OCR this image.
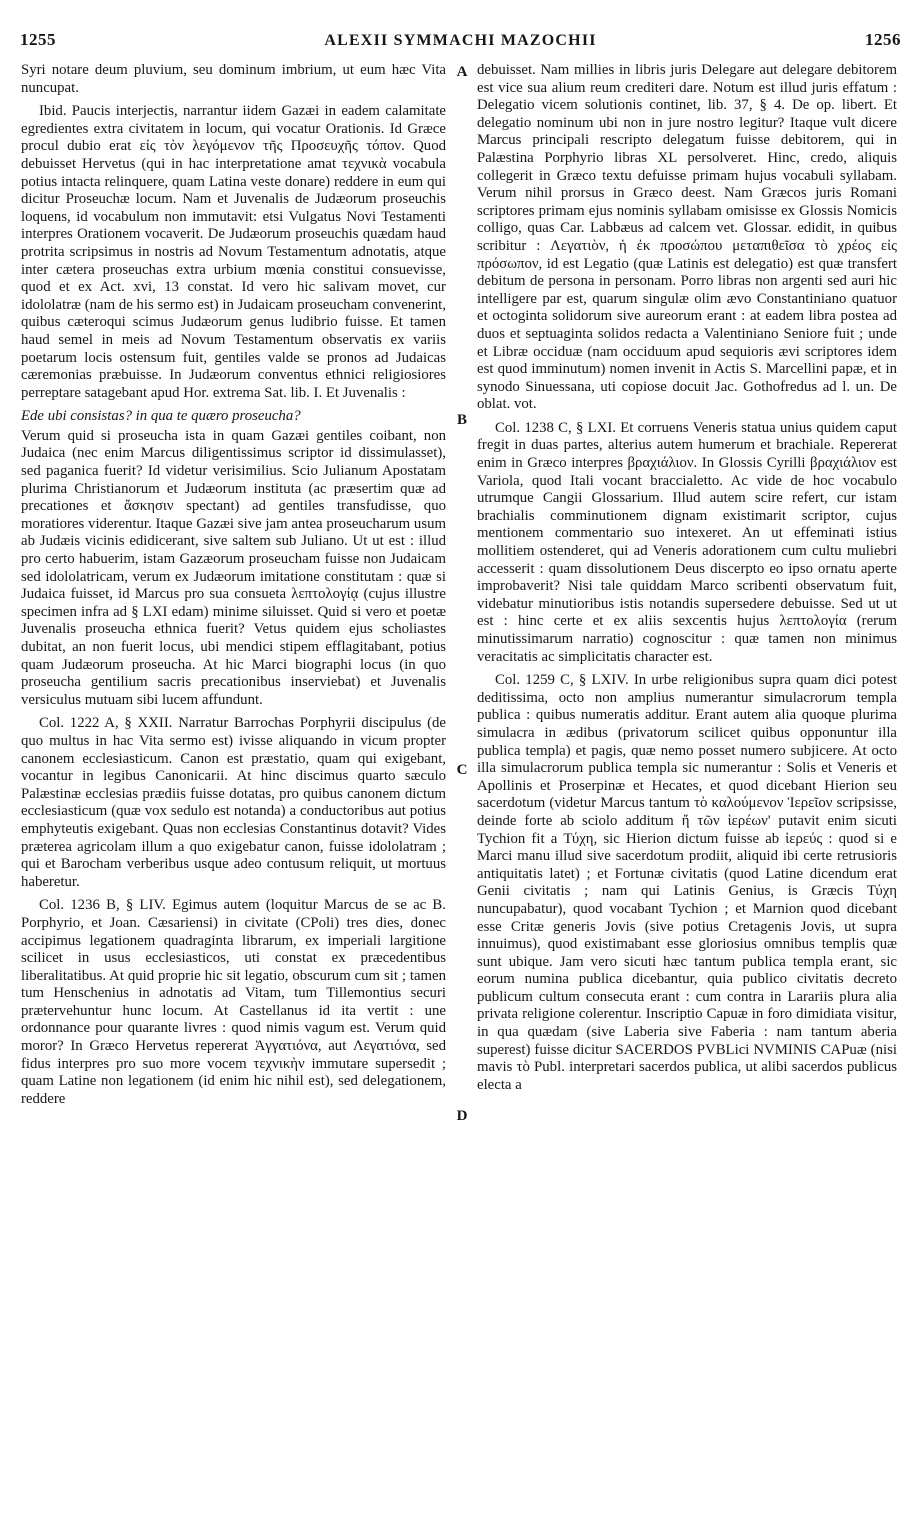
1255	ALEXII SYMMACHI MAZOCHII	1256

Syri notare deum pluvium, seu dominum imbrium, ut eum hæc Vita nuncupat.

Ibid. Paucis interjectis, narrantur iidem Gazæi in eadem calamitate egredientes extra civitatem in locum, qui vocatur Orationis. Id Græce procul dubio erat εἰς τὸν λεγόμενον τῆς Προσευχῆς τόπον. Quod debuisset Hervetus (qui in hac interpretatione amat τεχνικὰ vocabula potius intacta relinquere, quam Latina veste donare) reddere in eum qui dicitur Proseuchæ locum. Nam et Juvenalis de Judæorum proseuchis loquens, id vocabulum non immutavit: etsi Vulgatus Novi Testamenti interpres Orationem vocaverit. De Judæorum proseuchis quædam haud protrita scripsimus in nostris ad Novum Testamentum adnotatis, atque inter cætera proseuchas extra urbium mœnia constitui consuevisse, quod et ex Act. xvi, 13 constat. Id vero hic salivam movet, cur idololatræ (nam de his sermo est) in Judaicam proseucham convenerint, quibus cæteroqui scimus Judæorum genus ludibrio fuisse. Et tamen haud semel in meis ad Novum Testamentum observatis ex variis poetarum locis ostensum fuit, gentiles valde se pronos ad Judaicas cæremonias præbuisse. In Judæorum conventus ethnici religiosiores perreptare satagebant apud Hor. extrema Sat. lib. I. Et Juvenalis :

Ede ubi consistas? in qua te quæro proseucha?

Verum quid si proseucha ista in quam Gazæi gentiles coibant, non Judaica (nec enim Marcus diligentissimus scriptor id dissimulasset), sed paganica fuerit? Id videtur verisimilius. Scio Julianum Apostatam plurima Christianorum et Judæorum instituta (ac præsertim quæ ad precationes et ἄσκησιν spectant) ad gentiles transfudisse, quo moratiores viderentur. Itaque Gazæi sive jam antea proseucharum usum ab Judæis vicinis edidicerant, sive saltem sub Juliano. Ut ut est : illud pro certo habuerim, istam Gazæorum proseucham fuisse non Judaicam sed idololatricam, verum ex Judæorum imitatione constitutam : quæ si Judaica fuisset, id Marcus pro sua consueta λεπτολογίᾳ (cujus illustre specimen infra ad § LXI edam) minime siluisset. Quid si vero et poetæ Juvenalis proseucha ethnica fuerit? Vetus quidem ejus scholiastes dubitat, an non fuerit locus, ubi mendici stipem efflagitabant, potius quam Judæorum proseucha. At hic Marci biographi locus (in quo proseucha gentilium sacris precationibus inserviebat) et Juvenalis versiculus mutuam sibi lucem affundunt.

Col. 1222 A, § XXII. Narratur Barrochas Porphyrii discipulus (de quo multus in hac Vita sermo est) ivisse aliquando in vicum propter canonem ecclesiasticum. Canon est præstatio, quam qui exigebant, vocantur in legibus Canonicarii. At hinc discimus quarto sæculo Palæstinæ ecclesias prædiis fuisse dotatas, pro quibus canonem dictum ecclesiasticum (quæ vox sedulo est notanda) a conductoribus aut potius emphyteutis exigebant. Quas non ecclesias Constantinus dotavit? Vides præterea agricolam illum a quo exigebatur canon, fuisse idololatram ; qui et Barocham verberibus usque adeo contusum reliquit, ut mortuus haberetur.

Col. 1236 B, § LIV. Egimus autem (loquitur Marcus de se ac B. Porphyrio, et Joan. Cæsariensi) in civitate (CPoli) tres dies, donec accipimus legationem quadraginta librarum, ex imperiali largitione scilicet in usus ecclesiasticos, uti constat ex præcedentibus liberalitatibus. At quid proprie hic sit legatio, obscurum cum sit ; tamen tum Henschenius in adnotatis ad Vitam, tum Tillemontius securi prætervehuntur hunc locum. At Castellanus id ita vertit : une ordonnance pour quarante livres : quod nimis vagum est. Verum quid moror? In Græco Hervetus repererat Ἀγγατιόνα, aut Λεγατιόνα, sed fidus interpres pro suo more vocem τεχνικὴν immutare supersedit ; quam Latine non legationem (id enim hic nihil est), sed delegationem, reddere

A
B
C
D

debuisset. Nam millies in libris juris Delegare aut delegare debitorem est vice sua alium reum crediteri dare. Notum est illud juris effatum : Delegatio vicem solutionis continet, lib. 37, § 4. De op. libert. Et delegatio nominum ubi non in jure nostro legitur? Itaque vult dicere Marcus principali rescripto delegatum fuisse debitorem, qui in Palæstina Porphyrio libras XL persolveret. Hinc, credo, aliquis collegerit in Græco textu defuisse primam hujus vocabuli syllabam. Verum nihil prorsus in Græco deest. Nam Græcos juris Romani scriptores primam ejus nominis syllabam omisisse ex Glossis Nomicis colligo, quas Car. Labbæus ad calcem vet. Glossar. edidit, in quibus scribitur : Λεγατιὸν, ἡ ἐκ προσώπου μεταπιθεῖσα τὸ χρέος εἰς πρόσωπον, id est Legatio (quæ Latinis est delegatio) est quæ transfert debitum de persona in personam. Porro libras non argenti sed auri hic intelligere par est, quarum singulæ olim ævo Constantiniano quatuor et octoginta solidorum sive aureorum erant : at eadem libra postea ad duos et septuaginta solidos redacta a Valentiniano Seniore fuit ; unde et Libræ occiduæ (nam occiduum apud sequioris ævi scriptores idem est quod imminutum) nomen invenit in Actis S. Marcellini papæ, et in synodo Sinuessana, uti copiose docuit Jac. Gothofredus ad l. un. De oblat. vot.

Col. 1238 C, § LXI. Et corruens Veneris statua unius quidem caput fregit in duas partes, alterius autem humerum et brachiale. Repererat enim in Græco interpres βραχιάλιον. In Glossis Cyrilli βραχιάλιον est Variola, quod Itali vocant braccialetto. Ac vide de hoc vocabulo utrumque Cangii Glossarium. Illud autem scire refert, cur istam brachialis comminutionem dignam existimarit scriptor, cujus mentionem commentario suo intexeret. An ut effeminati istius mollitiem ostenderet, qui ad Veneris adorationem cum cultu muliebri accesserit : quam dissolutionem Deus discerpto eo ipso ornatu aperte improbaverit? Nisi tale quiddam Marco scribenti observatum fuit, videbatur minutioribus istis notandis supersedere debuisse. Sed ut ut est : hinc certe et ex aliis sexcentis hujus λεπτολογία (rerum minutissimarum narratio) cognoscitur : quæ tamen non minimus veracitatis ac simplicitatis character est.

Col. 1259 C, § LXIV. In urbe religionibus supra quam dici potest deditissima, octo non amplius numerantur simulacrorum templa publica : quibus numeratis additur. Erant autem alia quoque plurima simulacra in ædibus (privatorum scilicet quibus opponuntur illa publica templa) et pagis, quæ nemo posset numero subjicere. At octo illa simulacrorum publica templa sic numerantur : Solis et Veneris et Apollinis et Proserpinæ et Hecates, et quod dicebant Hierion seu sacerdotum (videtur Marcus tantum τὸ καλούμενον Ἱερεῖον scripsisse, deinde forte ab sciolo additum ἤ τῶν ἱερέων' putavit enim sicuti Tychion fit a Τύχη, sic Hierion dictum fuisse ab ἱερεύς : quod si e Marci manu illud sive sacerdotum prodiit, aliquid ibi certe retrusioris antiquitatis latet) ; et Fortunæ civitatis (quod Latine dicendum erat Genii civitatis ; nam qui Latinis Genius, is Græcis Τύχη nuncupabatur), quod vocabant Tychion ; et Marnion quod dicebant esse Critæ generis Jovis (sive potius Cretagenis Jovis, ut supra innuimus), quod existimabant esse gloriosius omnibus templis quæ sunt ubique. Jam vero sicuti hæc tantum publica templa erant, sic eorum numina publica dicebantur, quia publico civitatis decreto publicum cultum consecuta erant : cum contra in Larariis plura alia privata religione colerentur. Inscriptio Capuæ in foro dimidiata visitur, in qua quædam (sive Laberia sive Faberia : nam tantum aberia superest) fuisse dicitur SACERDOS PVBLici NVMINIS CAPuæ (nisi mavis τὸ Publ. interpretari sacerdos publica, ut alibi sacerdos publicus electa a
